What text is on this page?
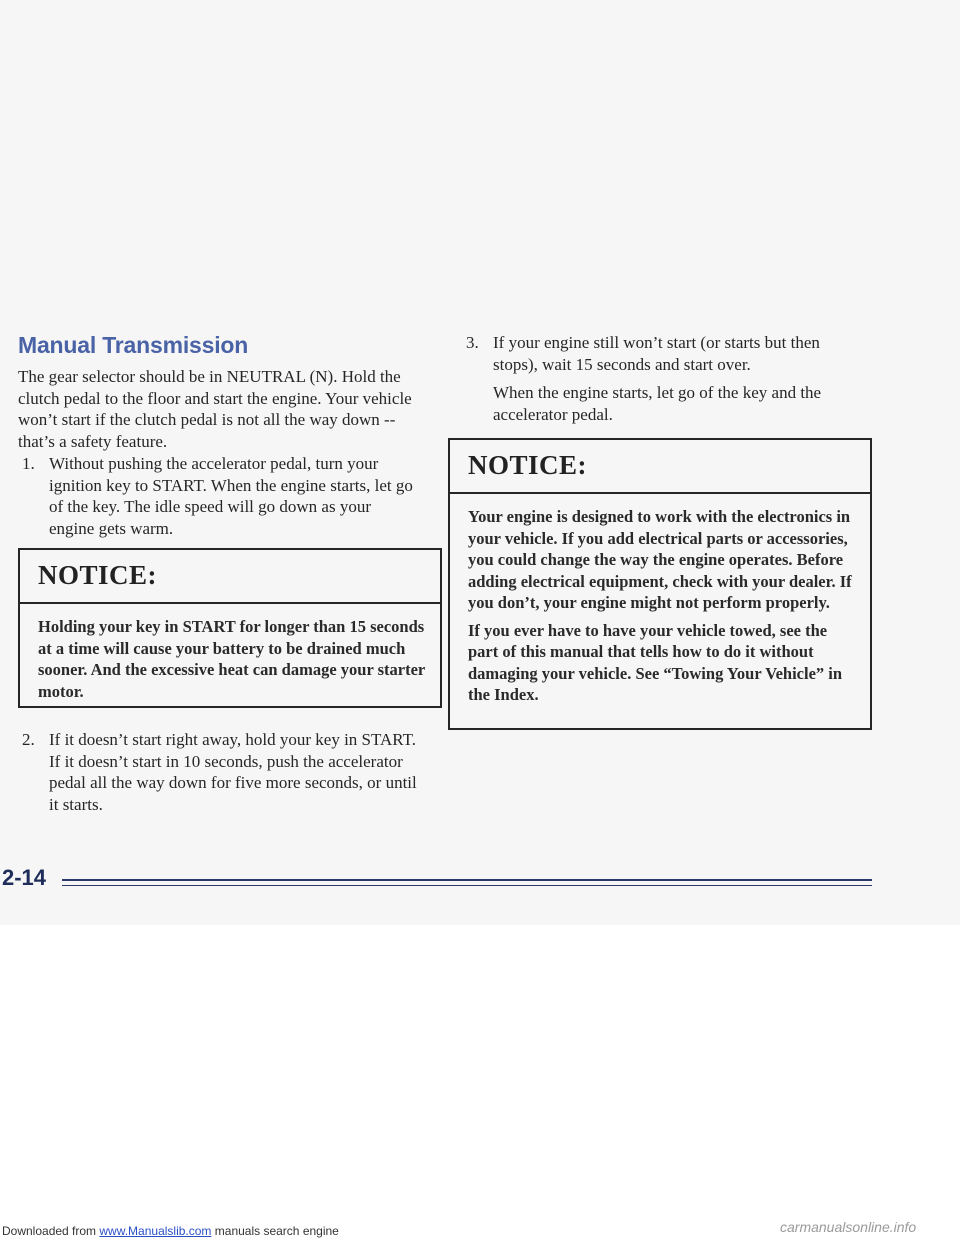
Manual Transmission

The gear selector should be in NEUTRAL (N). Hold the clutch pedal to the floor and start the engine. Your vehicle won’t start if the clutch pedal is not all the way down -- that’s a safety feature.

1. Without pushing the accelerator pedal, turn your ignition key to START. When the engine starts, let go of the key. The idle speed will go down as your engine gets warm.
NOTICE:

Holding your key in START for longer than 15 seconds at a time will cause your battery to be drained much sooner. And the excessive heat can damage your starter motor.

2. If it doesn’t start right away, hold your key in START. If it doesn’t start in 10 seconds, push the accelerator pedal all the way down for five more seconds, or until it starts.
3. If your engine still won’t start (or starts but then stops), wait 15 seconds and start over.

When the engine starts, let go of the key and the accelerator pedal.

NOTICE:

Your engine is designed to work with the electronics in your vehicle. If you add electrical parts or accessories, you could change the way the engine operates. Before adding electrical equipment, check with your dealer. If you don’t, your engine might not perform properly.

If you ever have to have your vehicle towed, see the part of this manual that tells how to do it without damaging your vehicle. See “Towing Your Vehicle” in the Index.

2-14
Downloaded from www.Manualslib.com manuals search engine	carmanualsonline.info
